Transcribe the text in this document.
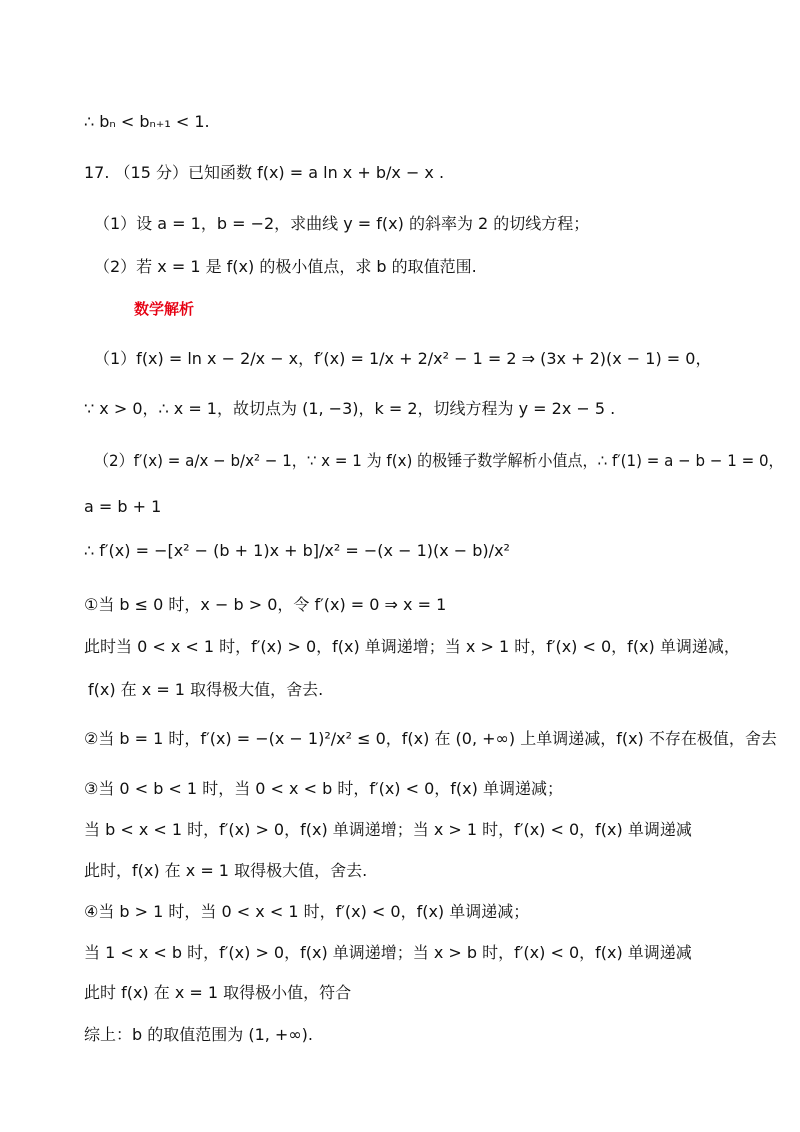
∴ bₙ < bₙ₊₁ < 1.
17. （15 分）已知函数 f(x) = a ln x + b/x − x .
（1）设 a = 1，b = −2，求曲线 y = f(x) 的斜率为 2 的切线方程；
（2）若 x = 1 是 f(x) 的极小值点，求 b 的取值范围.
数学解析
（1）f(x) = ln x − 2/x − x，f′(x) = 1/x + 2/x² − 1 = 2 ⇒ (3x + 2)(x − 1) = 0，
∵ x > 0，∴ x = 1，故切点为 (1, −3)，k = 2，切线方程为 y = 2x − 5 .
（2）f′(x) = a/x − b/x² − 1，∵ x = 1 为 f(x) 的极锤子数学解析小值点，∴ f′(1) = a − b − 1 = 0，
a = b + 1
∴ f′(x) = −[x² − (b + 1)x + b]/x² = −(x − 1)(x − b)/x²
①当 b ≤ 0 时，x − b > 0，令 f′(x) = 0 ⇒ x = 1
此时当 0 < x < 1 时，f′(x) > 0，f(x) 单调递增；当 x > 1 时，f′(x) < 0，f(x) 单调递减，
f(x) 在 x = 1 取得极大值，舍去.
②当 b = 1 时，f′(x) = −(x − 1)²/x² ≤ 0，f(x) 在 (0, +∞) 上单调递减，f(x) 不存在极值，舍去
③当 0 < b < 1 时，当 0 < x < b 时，f′(x) < 0，f(x) 单调递减；
当 b < x < 1 时，f′(x) > 0，f(x) 单调递增；当 x > 1 时，f′(x) < 0，f(x) 单调递减
此时，f(x) 在 x = 1 取得极大值，舍去.
④当 b > 1 时，当 0 < x < 1 时，f′(x) < 0，f(x) 单调递减；
当 1 < x < b 时，f′(x) > 0，f(x) 单调递增；当 x > b 时，f′(x) < 0，f(x) 单调递减
此时 f(x) 在 x = 1 取得极小值，符合
综上：b 的取值范围为 (1, +∞).
